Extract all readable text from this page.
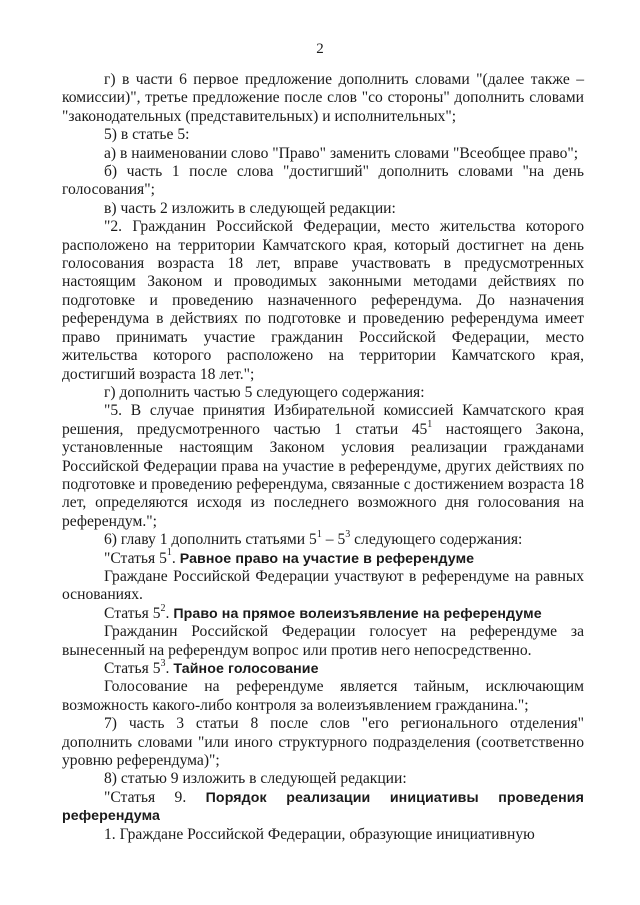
2

г) в части 6 первое предложение дополнить словами "(далее также – комиссии)", третье предложение после слов "со стороны" дополнить словами "законодательных (представительных) и исполнительных";

5) в статье 5:

а) в наименовании слово "Право" заменить словами "Всеобщее право";

б) часть 1 после слова "достигший" дополнить словами "на день голосования";

в) часть 2 изложить в следующей редакции:

"2. Гражданин Российской Федерации, место жительства которого расположено на территории Камчатского края, который достигнет на день голосования возраста 18 лет, вправе участвовать в предусмотренных настоящим Законом и проводимых законными методами действиях по подготовке и проведению назначенного референдума. До назначения референдума в действиях по подготовке и проведению референдума имеет право принимать участие гражданин Российской Федерации, место жительства которого расположено на территории Камчатского края, достигший возраста 18 лет.";

г) дополнить частью 5 следующего содержания:

"5. В случае принятия Избирательной комиссией Камчатского края решения, предусмотренного частью 1 статьи $45^1$ настоящего Закона, установленные настоящим Законом условия реализации гражданами Российской Федерации права на участие в референдуме, других действиях по подготовке и проведению референдума, связанные с достижением возраста 18 лет, определяются исходя из последнего возможного дня голосования на референдум.";

6) главу 1 дополнить статьями $5^1 - 5^3$ следующего содержания:

"Статья $5^1$. Равное право на участие в референдуме

Граждане Российской Федерации участвуют в референдуме на равных основаниях.

Статья $5^2$. Право на прямое волеизъявление на референдуме

Гражданин Российской Федерации голосует на референдуме за вынесенный на референдум вопрос или против него непосредственно.

Статья $5^3$. Тайное голосование

Голосование на референдуме является тайным, исключающим возможность какого-либо контроля за волеизъявлением гражданина.";

7) часть 3 статьи 8 после слов "его регионального отделения" дополнить словами "или иного структурного подразделения (соответственно уровню референдума)";

8) статью 9 изложить в следующей редакции:

"Статья 9. Порядок реализации инициативы проведения референдума

1. Граждане Российской Федерации, образующие инициативную
